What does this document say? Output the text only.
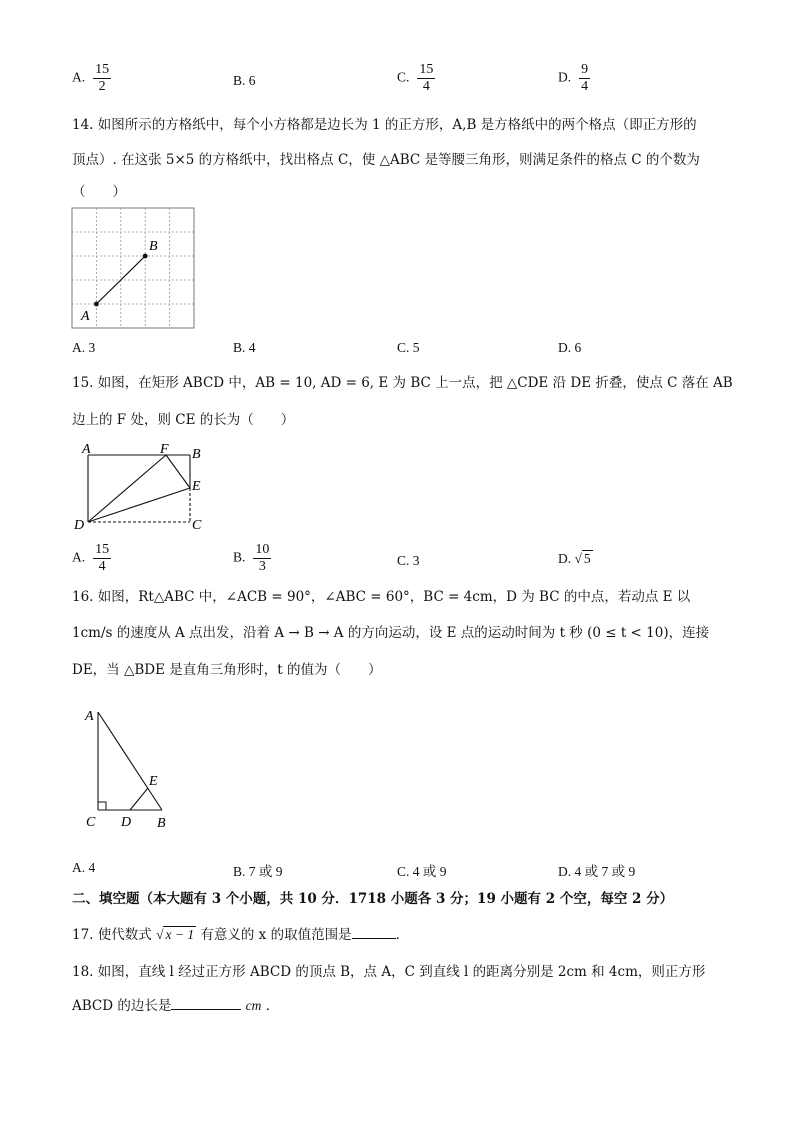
A. $\frac{15}{2}$	B. 6	C. $\frac{15}{4}$	D. $\frac{9}{4}$
14. 如图所示的方格纸中，每个小方格都是边长为 1 的正方形，A,B 是方格纸中的两个格点（即正方形的
顶点）. 在这张 5×5 的方格纸中，找出格点 C，使 △ABC 是等腰三角形，则满足条件的格点 C 的个数为
（　　）
A
B
A. 3	B. 4	C. 5	D. 6
15. 如图，在矩形 ABCD 中，AB = 10, AD = 6, E 为 BC 上一点，把 △CDE 沿 DE 折叠，使点 C 落在 AB
边上的 F 处，则 CE 的长为（　　）
A	F B
E
D	C
A. $\frac{15}{4}$	B. $\frac{10}{3}$	C. 3	D. √ 5
16. 如图，Rt△ABC 中，∠ACB = 90°，∠ABC = 60°，BC = 4cm，D 为 BC 的中点，若动点 E 以
1cm/s 的速度从 A 点出发，沿着 A → B → A 的方向运动，设 E 点的运动时间为 t 秒 (0 ≤ t < 10)，连接
DE，当 △BDE 是直角三角形时，t 的值为（　　）
A
E
C D B
A. 4	B. 7 或 9	C. 4 或 9	D. 4 或 7 或 9
二、填空题（本大题有 3 个小题，共 10 分．1718 小题各 3 分；19 小题有 2 个空，每空 2 分）
17. 使代数式 √ x − 1 有意义的 x 的取值范围是	．
18. 如图，直线 l 经过正方形 ABCD 的顶点 B，点 A，C 到直线 l 的距离分别是 2cm 和 4cm，则正方形
ABCD 的边长是	cm ．
